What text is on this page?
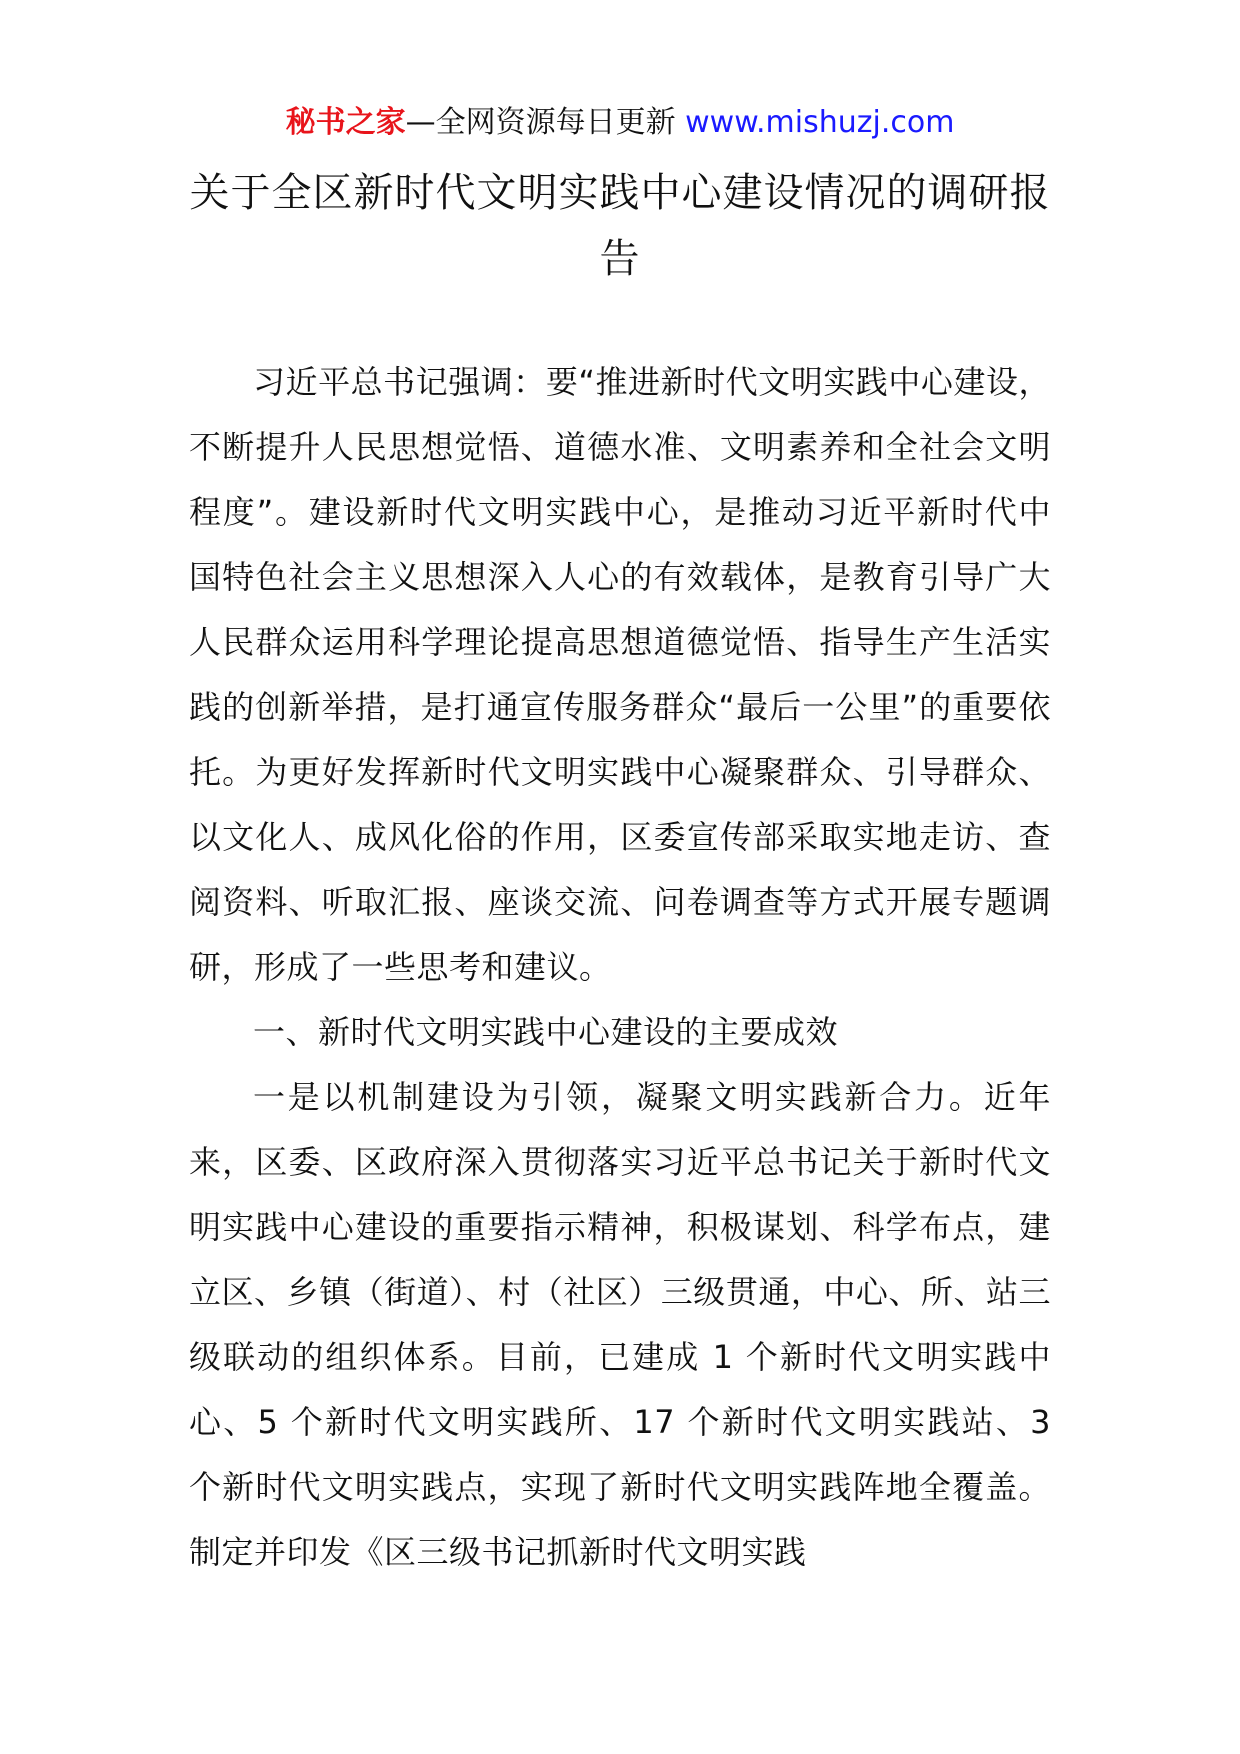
秘书之家—全网资源每日更新 www.mishuzj.com
关于全区新时代文明实践中心建设情况的调研报告

习近平总书记强调：要“推进新时代文明实践中心建设，不断提升人民思想觉悟、道德水准、文明素养和全社会文明程度”。建设新时代文明实践中心，是推动习近平新时代中国特色社会主义思想深入人心的有效载体，是教育引导广大人民群众运用科学理论提高思想道德觉悟、指导生产生活实践的创新举措，是打通宣传服务群众“最后一公里”的重要依托。为更好发挥新时代文明实践中心凝聚群众、引导群众、以文化人、成风化俗的作用，区委宣传部采取实地走访、查阅资料、听取汇报、座谈交流、问卷调查等方式开展专题调研，形成了一些思考和建议。

一、新时代文明实践中心建设的主要成效

一是以机制建设为引领，凝聚文明实践新合力。近年来，区委、区政府深入贯彻落实习近平总书记关于新时代文明实践中心建设的重要指示精神，积极谋划、科学布点，建立区、乡镇（街道）、村（社区）三级贯通，中心、所、站三级联动的组织体系。目前，已建成 1 个新时代文明实践中心、5 个新时代文明实践所、17 个新时代文明实践站、3 个新时代文明实践点，实现了新时代文明实践阵地全覆盖。制定并印发《区三级书记抓新时代文明实践
